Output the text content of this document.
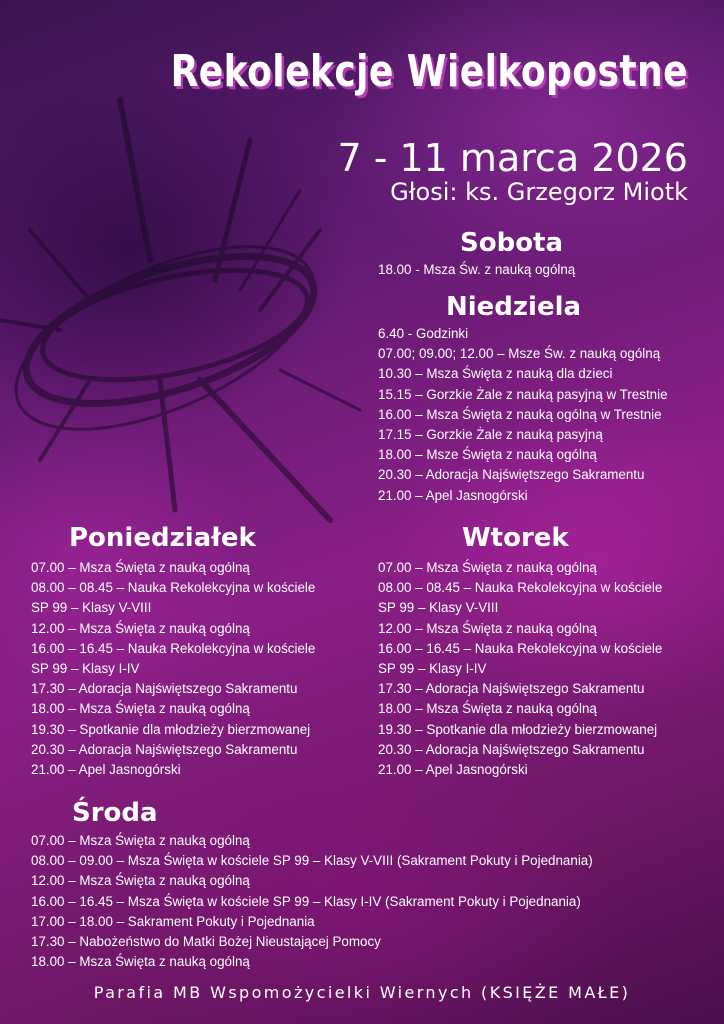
Rekolekcje Wielkopostne
7 - 11 marca 2026
Głosi: ks. Grzegorz Miotk
Sobota
18.00 - Msza Św. z nauką ogólną
Niedziela
6.40 - Godzinki
07.00; 09.00; 12.00 – Msze Św. z nauką ogólną
10.30 – Msza Święta z nauką dla dzieci
15.15 – Gorzkie Żale z nauką pasyjną w Trestnie
16.00 – Msza Święta z nauką ogólną w Trestnie
17.15 – Gorzkie Żale z nauką pasyjną
18.00 – Msze Święta z nauką ogólną
20.30 – Adoracja Najświętszego Sakramentu
21.00 – Apel Jasnogórski
Poniedziałek
07.00 – Msza Święta z nauką ogólną
08.00 – 08.45 – Nauka Rekolekcyjna w kościele
SP 99 – Klasy V-VIII
12.00 – Msza Święta z nauką ogólną
16.00 – 16.45 – Nauka Rekolekcyjna w kościele
SP 99 – Klasy I-IV
17.30 – Adoracja Najświętszego Sakramentu
18.00 – Msza Święta z nauką ogólną
19.30 – Spotkanie dla młodzieży bierzmowanej
20.30 – Adoracja Najświętszego Sakramentu
21.00 – Apel Jasnogórski
Wtorek
07.00 – Msza Święta z nauką ogólną
08.00 – 08.45 – Nauka Rekolekcyjna w kościele
SP 99 – Klasy V-VIII
12.00 – Msza Święta z nauką ogólną
16.00 – 16.45 – Nauka Rekolekcyjna w kościele
SP 99 – Klasy I-IV
17.30 – Adoracja Najświętszego Sakramentu
18.00 – Msza Święta z nauką ogólną
19.30 – Spotkanie dla młodzieży bierzmowanej
20.30 – Adoracja Najświętszego Sakramentu
21.00 – Apel Jasnogórski
Środa
07.00 – Msza Święta z nauką ogólną
08.00 – 09.00 – Msza Święta w kościele SP 99 – Klasy V-VIII (Sakrament Pokuty i Pojednania)
12.00 – Msza Święta z nauką ogólną
16.00 – 16.45 – Msza Święta w kościele SP 99 – Klasy I-IV (Sakrament Pokuty i Pojednania)
17.00 – 18.00 – Sakrament Pokuty i Pojednania
17.30 – Nabożeństwo do Matki Bożej Nieustającej Pomocy
18.00 – Msza Święta z nauką ogólną
Parafia MB Wspomożycielki Wiernych (KSIĘŻE MAŁE)
